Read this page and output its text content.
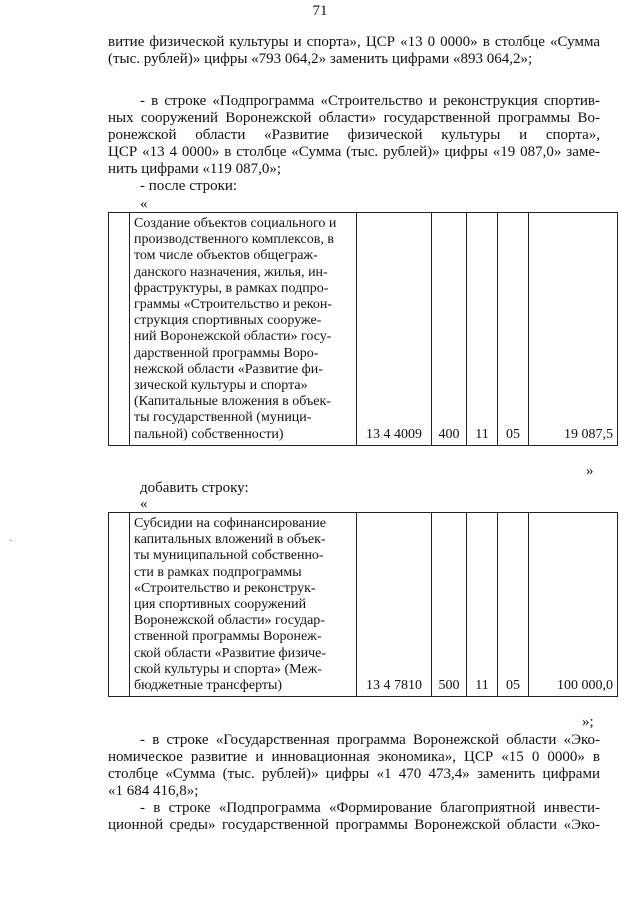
71
витие физической культуры и спорта», ЦСР «13 0 0000» в столбце «Сумма
(тыс. рублей)» цифры «793 064,2» заменить цифрами «893 064,2»;
- в строке «Подпрограмма «Строительство и реконструкция спортив-
ных сооружений Воронежской области» государственной программы Во-
ронежской области «Развитие физической культуры и спорта»,
ЦСР «13 4 0000» в столбце «Сумма (тыс. рублей)» цифры «19 087,0» заме-
нить цифрами «119 087,0»;
- после строки:
«

Создание объектов социального и
производственного комплексов, в
том числе объектов общеграж-
данского назначения, жилья, ин-
фраструктуры, в рамках подпро-
граммы «Строительство и рекон-
струкция спортивных сооруже-
ний Воронежской области» госу-
дарственной программы Воро-
нежской области «Развитие фи-
зической культуры и спорта»
(Капитальные вложения в объек-
ты государственной (муници-
пальной) собственности)	13 4 4009	400	11	05	19 087,5
»
добавить строку:
«

Субсидии на софинансирование
капитальных вложений в объек-
ты муниципальной собственно-
сти в рамках подпрограммы
«Строительство и реконструк-
ция спортивных сооружений
Воронежской области» государ-
ственной программы Воронеж-
ской области «Развитие физиче-
ской культуры и спорта» (Меж-
бюджетные трансферты)	13 4 7810	500	11	05	100 000,0
»;
- в строке «Государственная программа Воронежской области «Эко-
номическое развитие и инновационная экономика», ЦСР «15 0 0000» в
столбце «Сумма (тыс. рублей)» цифры «1 470 473,4» заменить цифрами
«1 684 416,8»;
- в строке «Подпрограмма «Формирование благоприятной инвести-
ционной среды» государственной программы Воронежской области «Эко-
·
